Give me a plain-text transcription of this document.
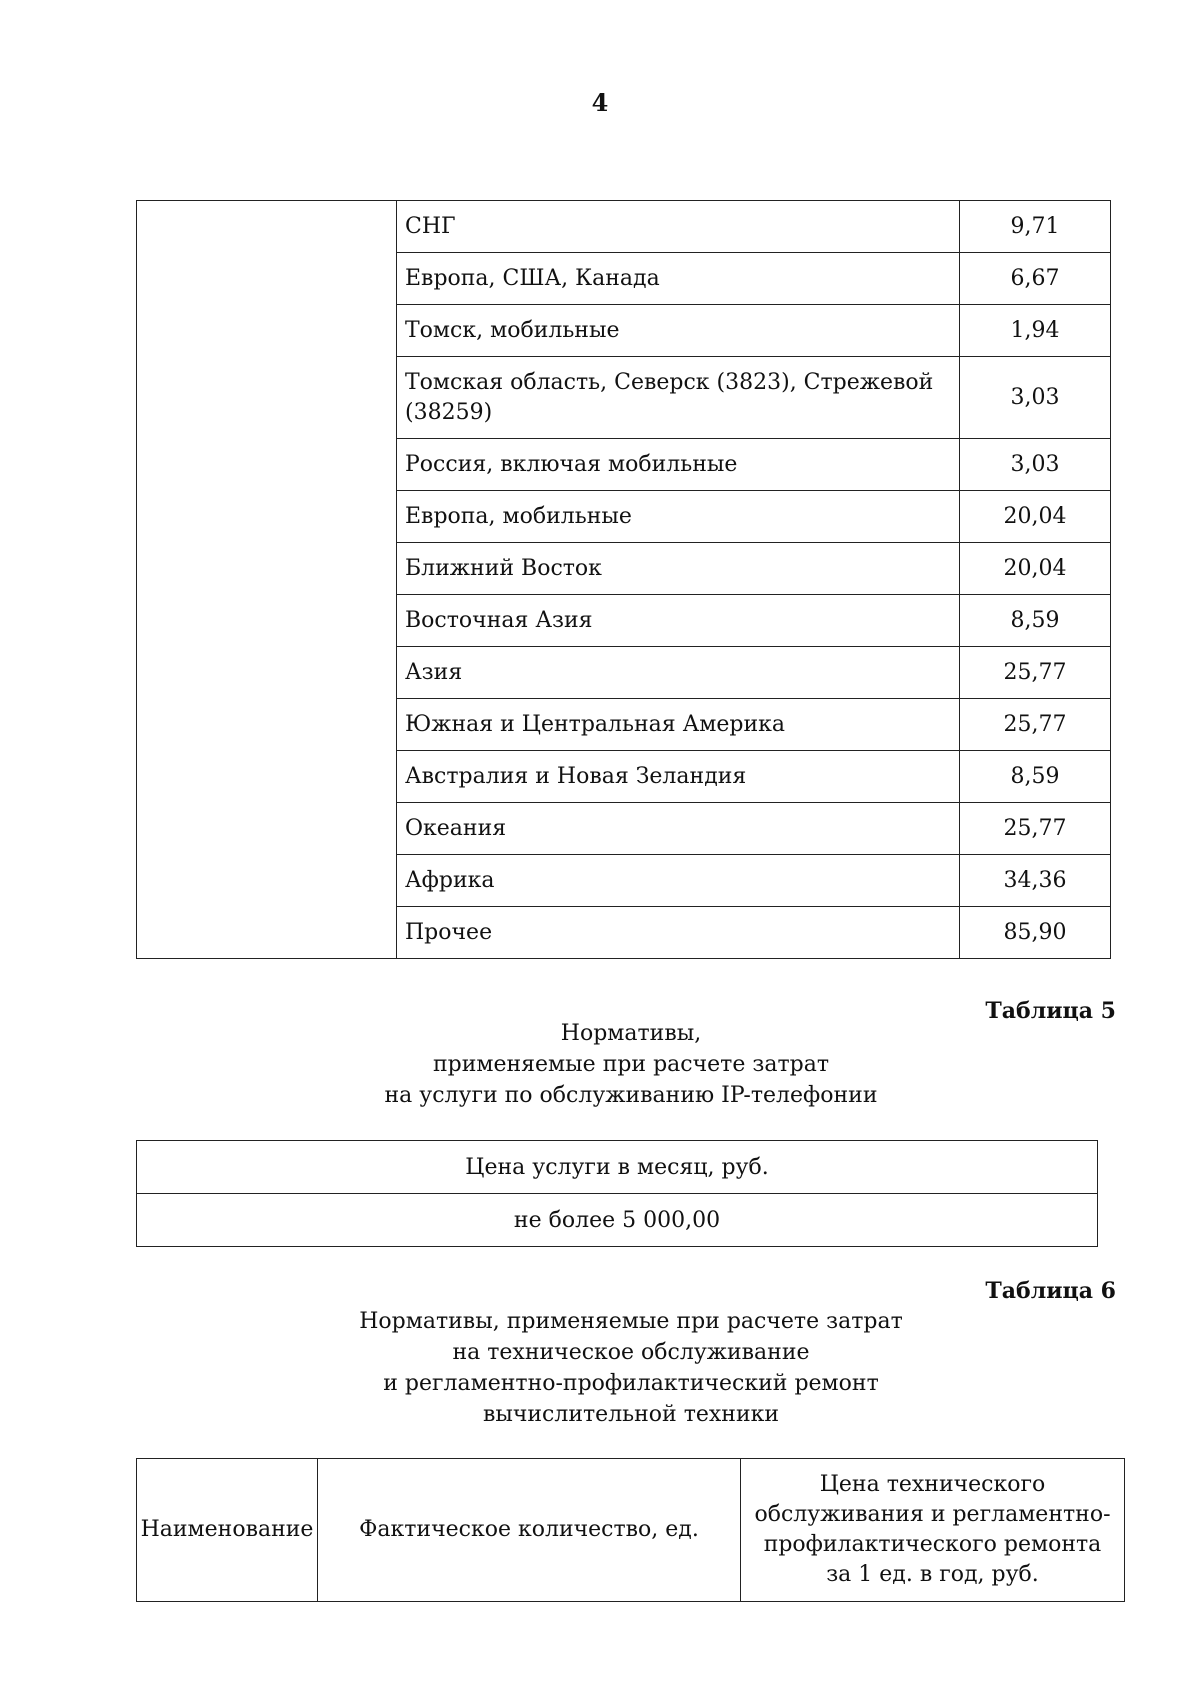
4
	СНГ	9,71
	Европа, США, Канада	6,67
	Томск, мобильные	1,94
	Томская область, Северск (3823), Стрежевой (38259)	3,03
	Россия, включая мобильные	3,03
	Европа, мобильные	20,04
	Ближний Восток	20,04
	Восточная Азия	8,59
	Азия	25,77
	Южная и Центральная Америка	25,77
	Австралия и Новая Зеландия	8,59
	Океания	25,77
	Африка	34,36
	Прочее	85,90
Таблица 5
Нормативы,
применяемые при расчете затрат
на услуги по обслуживанию IP-телефонии
Цена услуги в месяц, руб.
не более 5 000,00
Таблица 6
Нормативы, применяемые при расчете затрат
на техническое обслуживание
и регламентно-профилактический ремонт
вычислительной техники
Наименование	Фактическое количество, ед.	Цена технического обслуживания и регламентно-профилактического ремонта за 1 ед. в год, руб.
